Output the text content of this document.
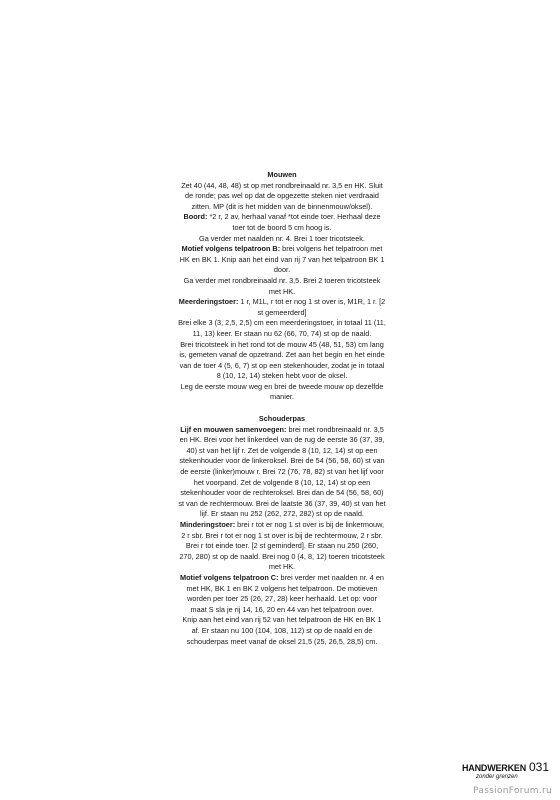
Mouwen

Zet 40 (44, 48, 48) st op met rondbreinaald nr. 3,5 en HK. Sluit de ronde; pas wel op dat de opgezette steken niet verdraaid zitten. MP (dit is het midden van de binnenmouw/oksel).

Boord: *2 r, 2 av, herhaal vanaf *tot einde toer. Herhaal deze toer tot de boord 5 cm hoog is.

Ga verder met naalden nr. 4. Brei 1 toer tricotsteek.

Motief volgens telpatroon B: brei volgens het telpatroon met HK en BK 1. Knip aan het eind van rij 7 van het telpatroon BK 1 door.

Ga verder met rondbreinaald nr. 3,5. Brei 2 toeren tricotsteek met HK.

Meerderingstoer: 1 r, M1L, r tot er nog 1 st over is, M1R, 1 r. [2 st gemeerderd]

Brei elke 3 (3, 2,5, 2,5) cm een meerderingstoer, in totaal 11 (11, 11, 13) keer. Er staan nu 62 (66, 70, 74) st op de naald.

Brei tricotsteek in het rond tot de mouw 45 (48, 51, 53) cm lang is, gemeten vanaf de opzetrand. Zet aan het begin en het einde van de toer 4 (5, 6, 7) st op een stekenhouder, zodat je in totaal 8 (10, 12, 14) steken hebt voor de oksel.

Leg de eerste mouw weg en brei de tweede mouw op dezelfde manier.

Schouderpas

Lijf en mouwen samenvoegen: brei met rondbreinaald nr. 3,5 en HK. Brei voor het linkerdeel van de rug de eerste 36 (37, 39, 40) st van het lijf r. Zet de volgende 8 (10, 12, 14) st op een stekenhouder voor de linkeroksel. Brei de 54 (56, 58, 60) st van de eerste (linker)mouw r. Brei 72 (76, 78, 82) st van het lijf voor het voorpand. Zet de volgende 8 (10, 12, 14) st op een stekenhouder voor de rechteroksel. Brei dan de 54 (56, 58, 60) st van de rechtermouw. Brei de laatste 36 (37, 39, 40) st van het lijf. Er staan nu 252 (262, 272, 282) st op de naald.

Minderingstoer: brei r tot er nog 1 st over is bij de linkermouw, 2 r sbr. Brei r tot er nog 1 st over is bij de rechtermouw, 2 r sbr. Brei r tot einde toer. [2 st geminderd]. Er staan nu 250 (260, 270, 280) st op de naald. Brei nog 0 (4, 8, 12) toeren tricotsteek met HK.

Motief volgens telpatroon C: brei verder met naalden nr. 4 en met HK, BK 1 en BK 2 volgens het telpatroon. De motieven worden per toer 25 (26, 27, 28) keer herhaald. Let op: voor maat S sla je rij 14, 16, 20 en 44 van het telpatroon over.

Knip aan het eind van rij 52 van het telpatroon de HK en BK 1 af. Er staan nu 100 (104, 108, 112) st op de naald en de schouderpas meet vanaf de oksel 21,5 (25, 26,5, 28,5) cm.

HANDWERKEN 031
zonder grenzen
PassionForum.ru
